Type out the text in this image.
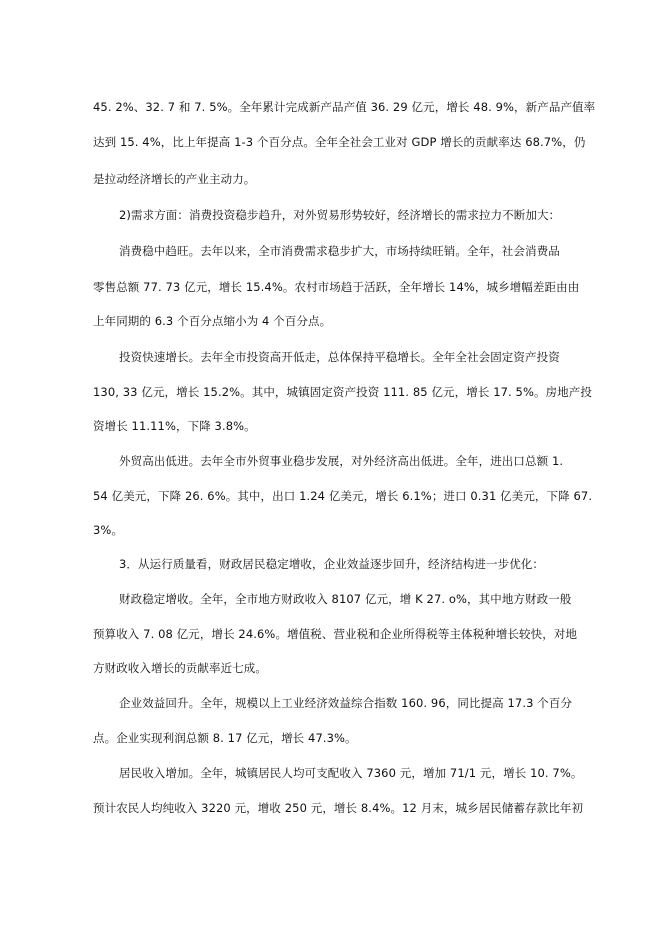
45. 2%、32. 7 和 7. 5%。全年累计完成新产品产值 36. 29 亿元，增长 48. 9%，新产品产值率
达到 15. 4%，比上年提高 1-3 个百分点。全年全社会工业对 GDP 增长的贡献率达 68.7%，仍
是拉动经济增长的产业主动力。
2)需求方面：消费投资稳步趋升，对外贸易形势较好，经济增长的需求拉力不断加大：
消费稳中趋旺。去年以来，全市消费需求稳步扩大，市场持续旺销。全年，社会消费品
零售总额 77. 73 亿元，增长 15.4%。农村市场趋于活跃，全年增长 14%，城乡增幅差距由由
上年同期的 6.3 个百分点缩小为 4 个百分点。
投资快速增长。去年全市投资高开低走，总体保持平稳增长。全年全社会固定资产投资
130, 33 亿元，增长 15.2%。其中，城镇固定资产投资 111. 85 亿元，增长 17. 5%。房地产投
资增长 11.11%，下降 3.8%。
外贸高出低进。去年全市外贸事业稳步发展，对外经济高出低进。全年，进出口总额 1.
54 亿美元，下降 26. 6%。其中，出口 1.24 亿美元，增长 6.1%；进口 0.31 亿美元，下降 67.
3%。
3．从运行质量看，财政居民稳定增收，企业效益逐步回升，经济结构进一步优化：
财政稳定增收。全年，全市地方财政收入 8107 亿元，增 K 27. o%，其中地方财政一般
预算收入 7. 08 亿元，增长 24.6%。增值税、营业税和企业所得税等主体税种增长较快，对地
方财政收入增长的贡献率近七成。
企业效益回升。全年，规模以上工业经济效益综合指数 160. 96，同比提高 17.3 个百分
点。企业实现利润总额 8. 17 亿元，增长 47.3%。
居民收入增加。全年，城镇居民人均可支配收入 7360 元，增加 71/1 元，增长 10. 7%。
预计农民人均纯收入 3220 元，增收 250 元，增长 8.4%。12 月末，城乡居民储蓄存款比年初
